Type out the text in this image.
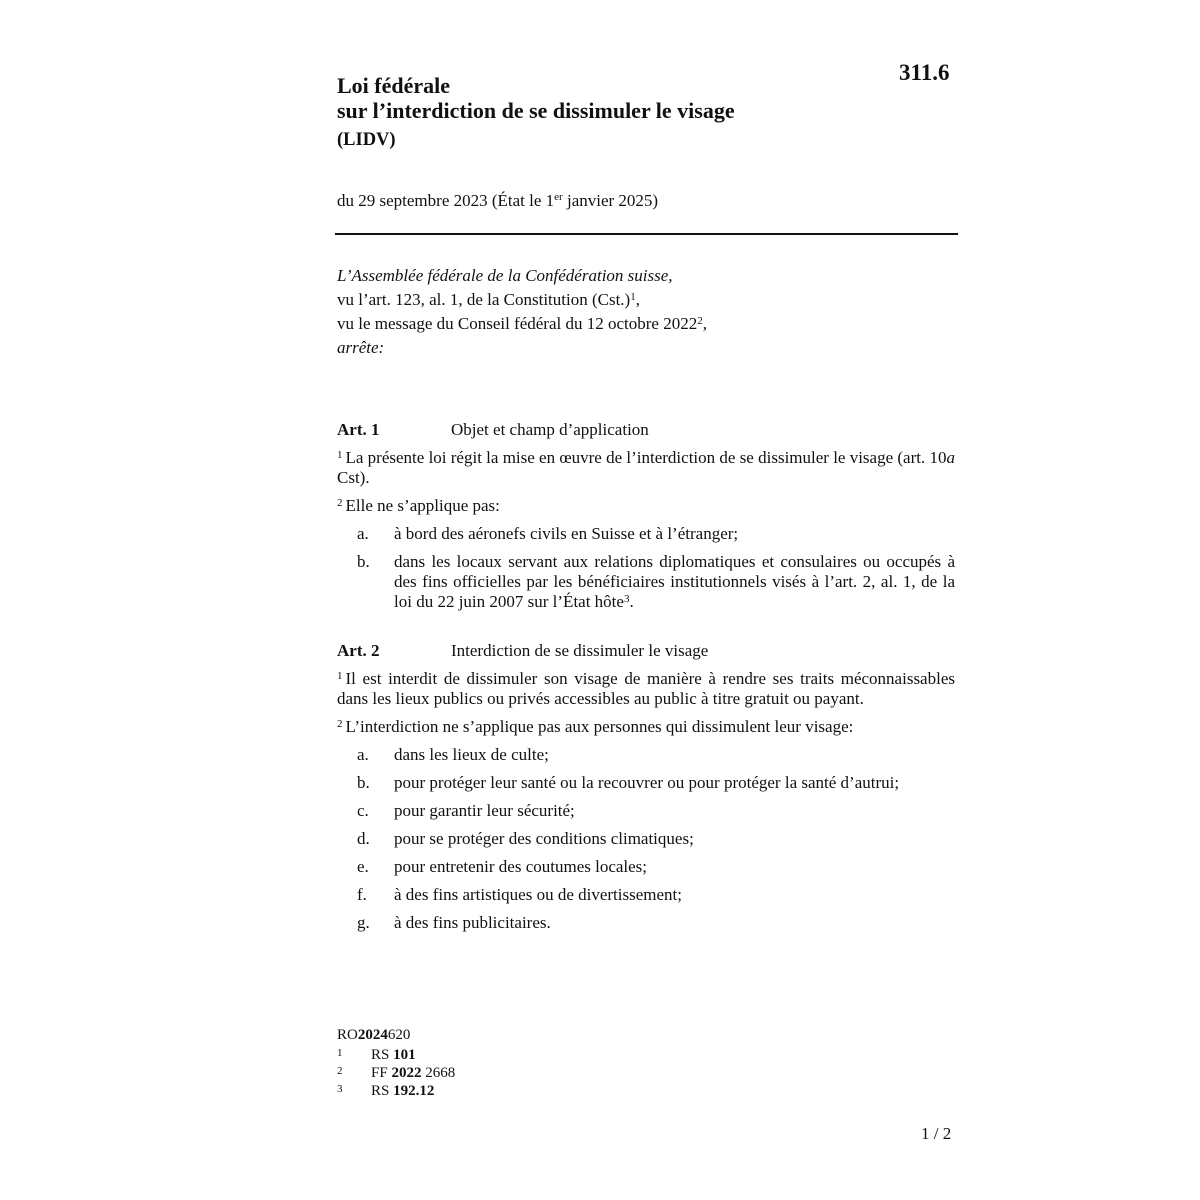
311.6
Loi fédérale
sur l’interdiction de se dissimuler le visage
(LIDV)
du 29 septembre 2023 (État le 1er janvier 2025)
L’Assemblée fédérale de la Confédération suisse,
vu l’art. 123, al. 1, de la Constitution (Cst.)$^1$,
vu le message du Conseil fédéral du 12 octobre 2022$^2$,
arrête:
Art. 1	Objet et champ d’application
$^1$ La présente loi régit la mise en œuvre de l’interdiction de se dissimuler le visage (art. 10a Cst).
$^2$ Elle ne s’applique pas:
a.	à bord des aéronefs civils en Suisse et à l’étranger;
b.	dans les locaux servant aux relations diplomatiques et consulaires ou occupés à des fins officielles par les bénéficiaires institutionnels visés à l’art. 2, al. 1, de la loi du 22 juin 2007 sur l’État hôte$^3$.
Art. 2	Interdiction de se dissimuler le visage
$^1$ Il est interdit de dissimuler son visage de manière à rendre ses traits méconnaissables dans les lieux publics ou privés accessibles au public à titre gratuit ou payant.
$^2$ L’interdiction ne s’applique pas aux personnes qui dissimulent leur visage:
a.	dans les lieux de culte;
b.	pour protéger leur santé ou la recouvrer ou pour protéger la santé d’autrui;
c.	pour garantir leur sécurité;
d.	pour se protéger des conditions climatiques;
e.	pour entretenir des coutumes locales;
f.	à des fins artistiques ou de divertissement;
g.	à des fins publicitaires.
RO 2024 620
1	RS 101
2	FF 2022 2668
3	RS 192.12
1 / 2
